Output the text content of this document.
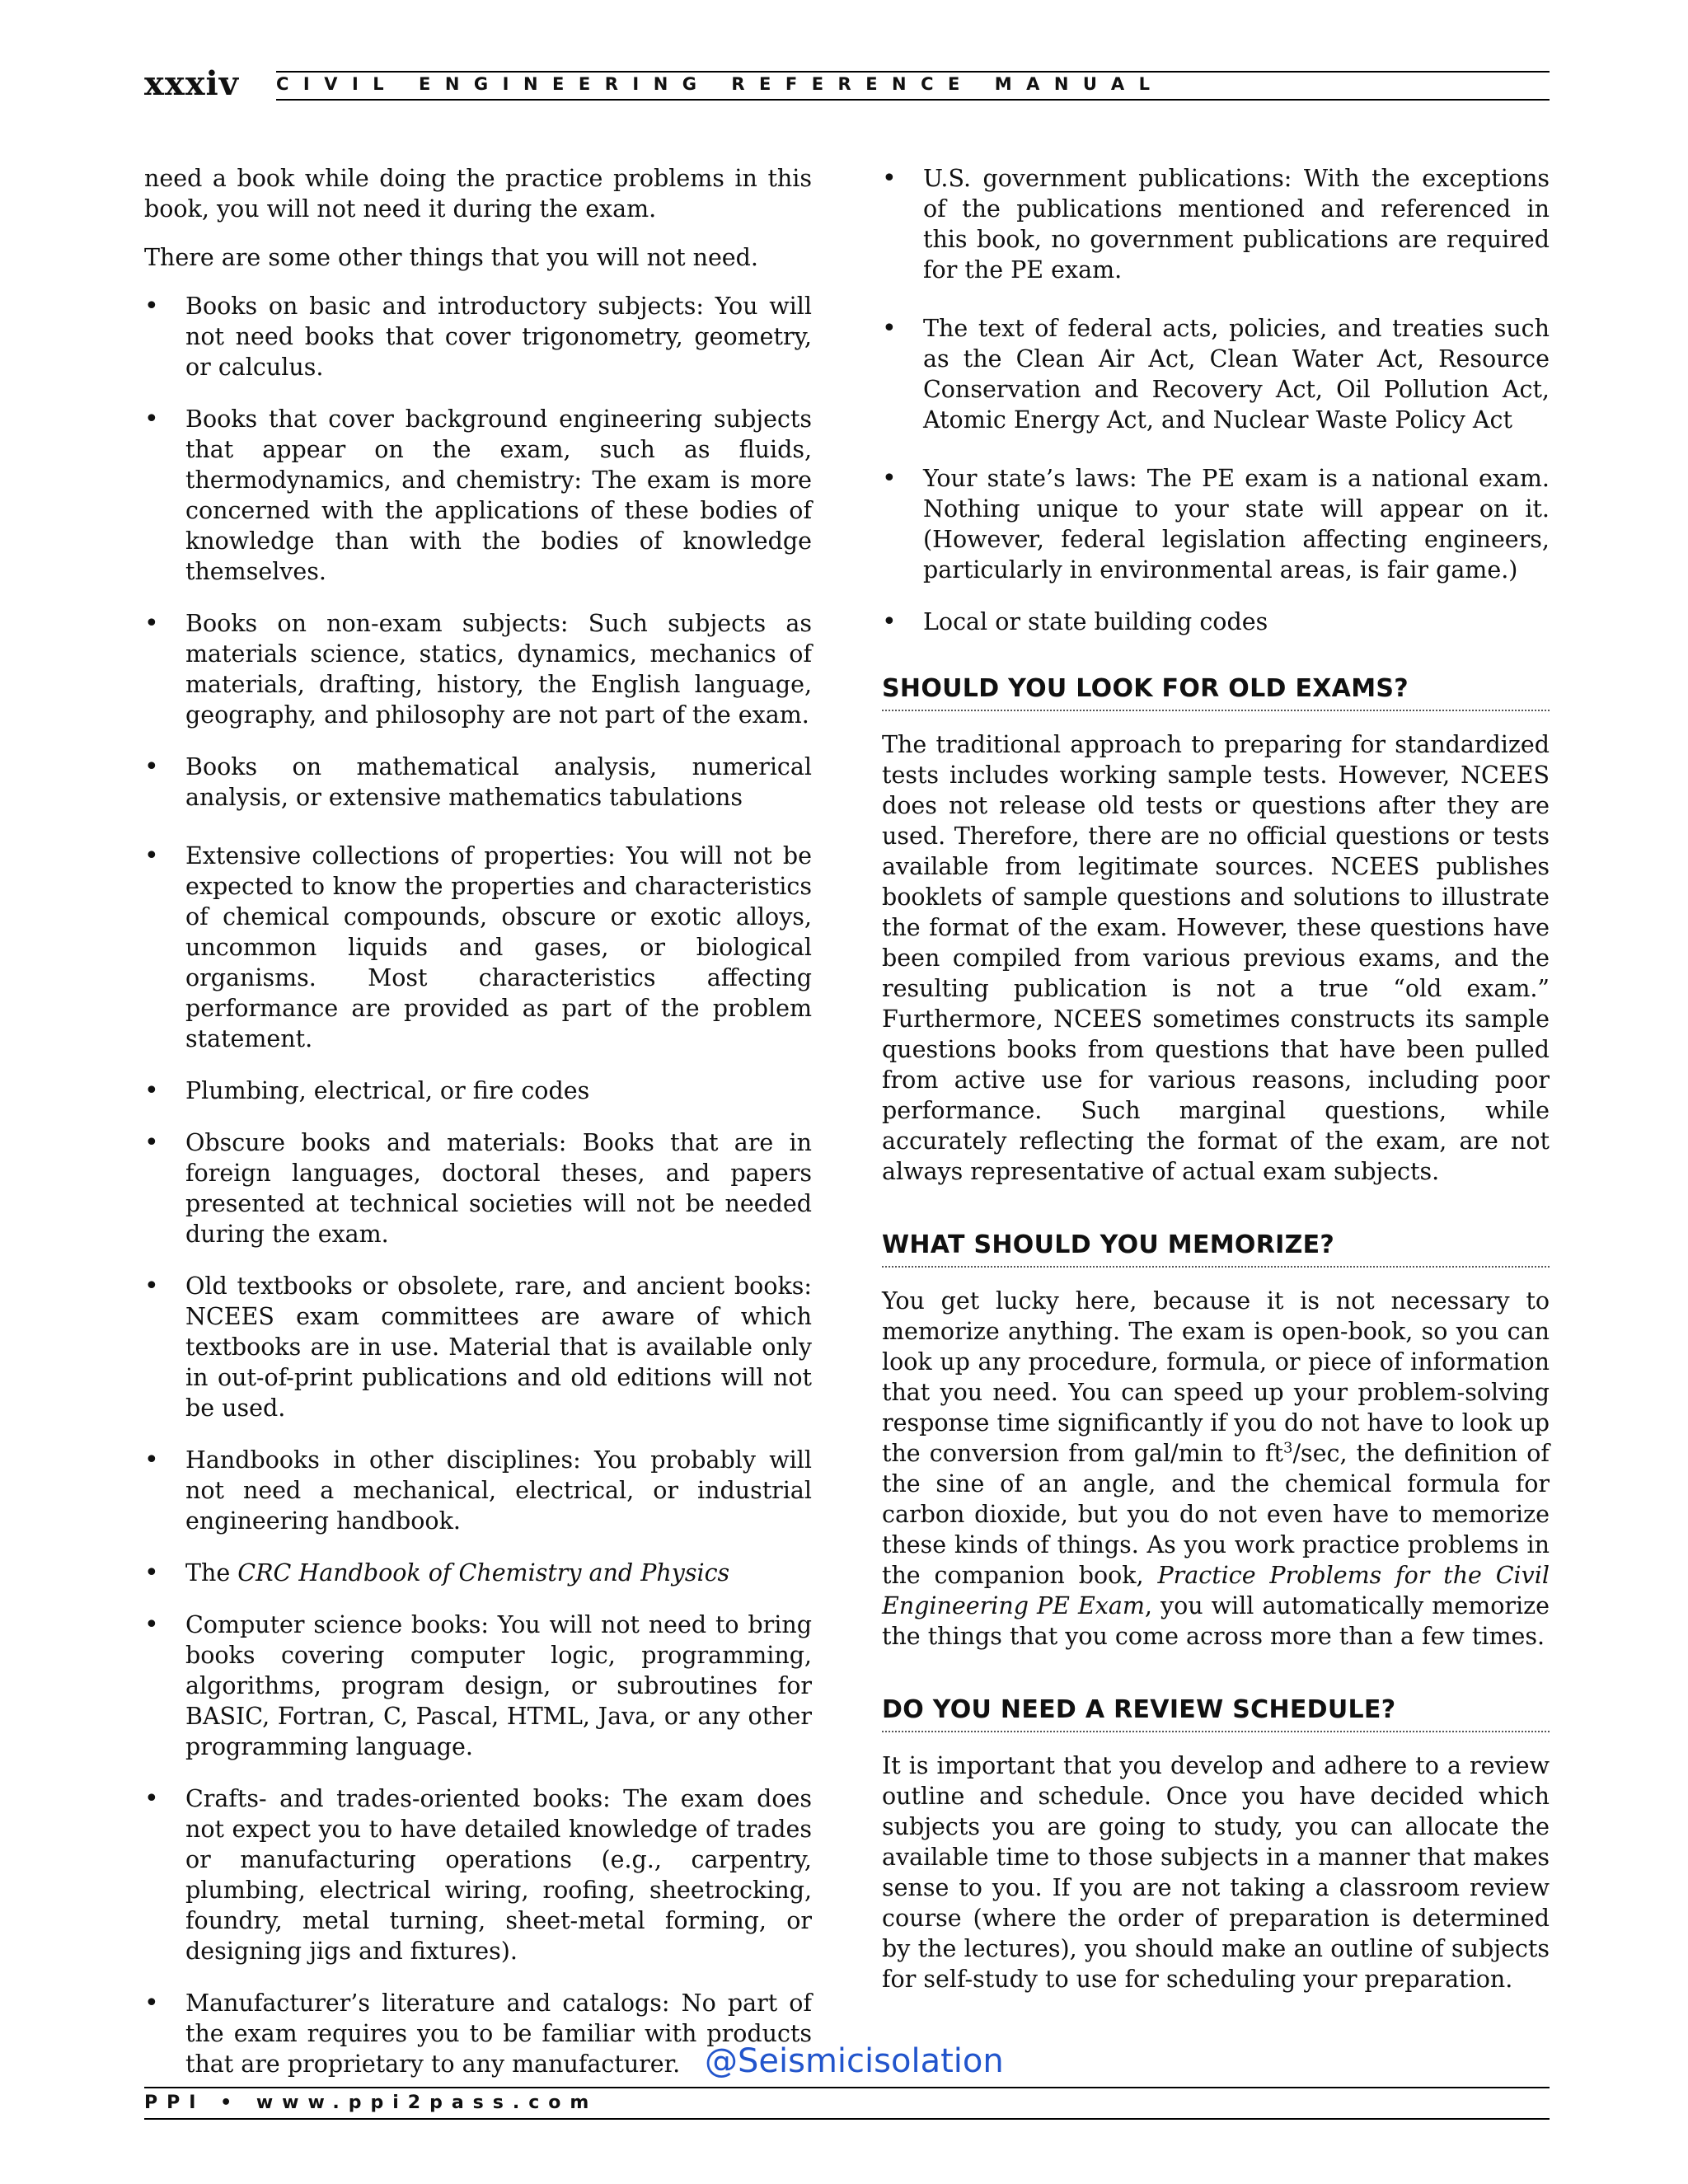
xxxiv CIVIL ENGINEERING REFERENCE MANUAL

need a book while doing the practice problems in this book, you will not need it during the exam.

There are some other things that you will not need.

• Books on basic and introductory subjects: You will not need books that cover trigonometry, geometry, or calculus.
• Books that cover background engineering subjects that appear on the exam, such as fluids, thermodynamics, and chemistry: The exam is more concerned with the applications of these bodies of knowledge than with the bodies of knowledge themselves.
• Books on non-exam subjects: Such subjects as materials science, statics, dynamics, mechanics of materials, drafting, history, the English language, geography, and philosophy are not part of the exam.
• Books on mathematical analysis, numerical analysis, or extensive mathematics tabulations
• Extensive collections of properties: You will not be expected to know the properties and characteristics of chemical compounds, obscure or exotic alloys, uncommon liquids and gases, or biological organisms. Most characteristics affecting performance are provided as part of the problem statement.
• Plumbing, electrical, or fire codes
• Obscure books and materials: Books that are in foreign languages, doctoral theses, and papers presented at technical societies will not be needed during the exam.
• Old textbooks or obsolete, rare, and ancient books: NCEES exam committees are aware of which textbooks are in use. Material that is available only in out-of-print publications and old editions will not be used.
• Handbooks in other disciplines: You probably will not need a mechanical, electrical, or industrial engineering handbook.
• The CRC Handbook of Chemistry and Physics
• Computer science books: You will not need to bring books covering computer logic, programming, algorithms, program design, or subroutines for BASIC, Fortran, C, Pascal, HTML, Java, or any other programming language.
• Crafts- and trades-oriented books: The exam does not expect you to have detailed knowledge of trades or manufacturing operations (e.g., carpentry, plumbing, electrical wiring, roofing, sheetrocking, foundry, metal turning, sheet-metal forming, or designing jigs and fixtures).
• Manufacturer’s literature and catalogs: No part of the exam requires you to be familiar with products that are proprietary to any manufacturer.
• U.S. government publications: With the exceptions of the publications mentioned and referenced in this book, no government publications are required for the PE exam.
• The text of federal acts, policies, and treaties such as the Clean Air Act, Clean Water Act, Resource Conservation and Recovery Act, Oil Pollution Act, Atomic Energy Act, and Nuclear Waste Policy Act
• Your state’s laws: The PE exam is a national exam. Nothing unique to your state will appear on it. (However, federal legislation affecting engineers, particularly in environmental areas, is fair game.)
• Local or state building codes
SHOULD YOU LOOK FOR OLD EXAMS?

The traditional approach to preparing for standardized tests includes working sample tests. However, NCEES does not release old tests or questions after they are used. Therefore, there are no official questions or tests available from legitimate sources. NCEES publishes booklets of sample questions and solutions to illustrate the format of the exam. However, these questions have been compiled from various previous exams, and the resulting publication is not a true “old exam.” Furthermore, NCEES sometimes constructs its sample questions books from questions that have been pulled from active use for various reasons, including poor performance. Such marginal questions, while accurately reflecting the format of the exam, are not always representative of actual exam subjects.

WHAT SHOULD YOU MEMORIZE?

You get lucky here, because it is not necessary to memorize anything. The exam is open-book, so you can look up any procedure, formula, or piece of information that you need. You can speed up your problem-solving response time significantly if you do not have to look up the conversion from gal/min to $ft^3/\sec$, the definition of the sine of an angle, and the chemical formula for carbon dioxide, but you do not even have to memorize these kinds of things. As you work practice problems in the companion book, Practice Problems for the Civil Engineering PE Exam, you will automatically memorize the things that you come across more than a few times.

DO YOU NEED A REVIEW SCHEDULE?

It is important that you develop and adhere to a review outline and schedule. Once you have decided which subjects you are going to study, you can allocate the available time to those subjects in a manner that makes sense to you. If you are not taking a classroom review course (where the order of preparation is determined by the lectures), you should make an outline of subjects for self-study to use for scheduling your preparation.

@Seismicisolation
PPI • www.ppi2pass.com
